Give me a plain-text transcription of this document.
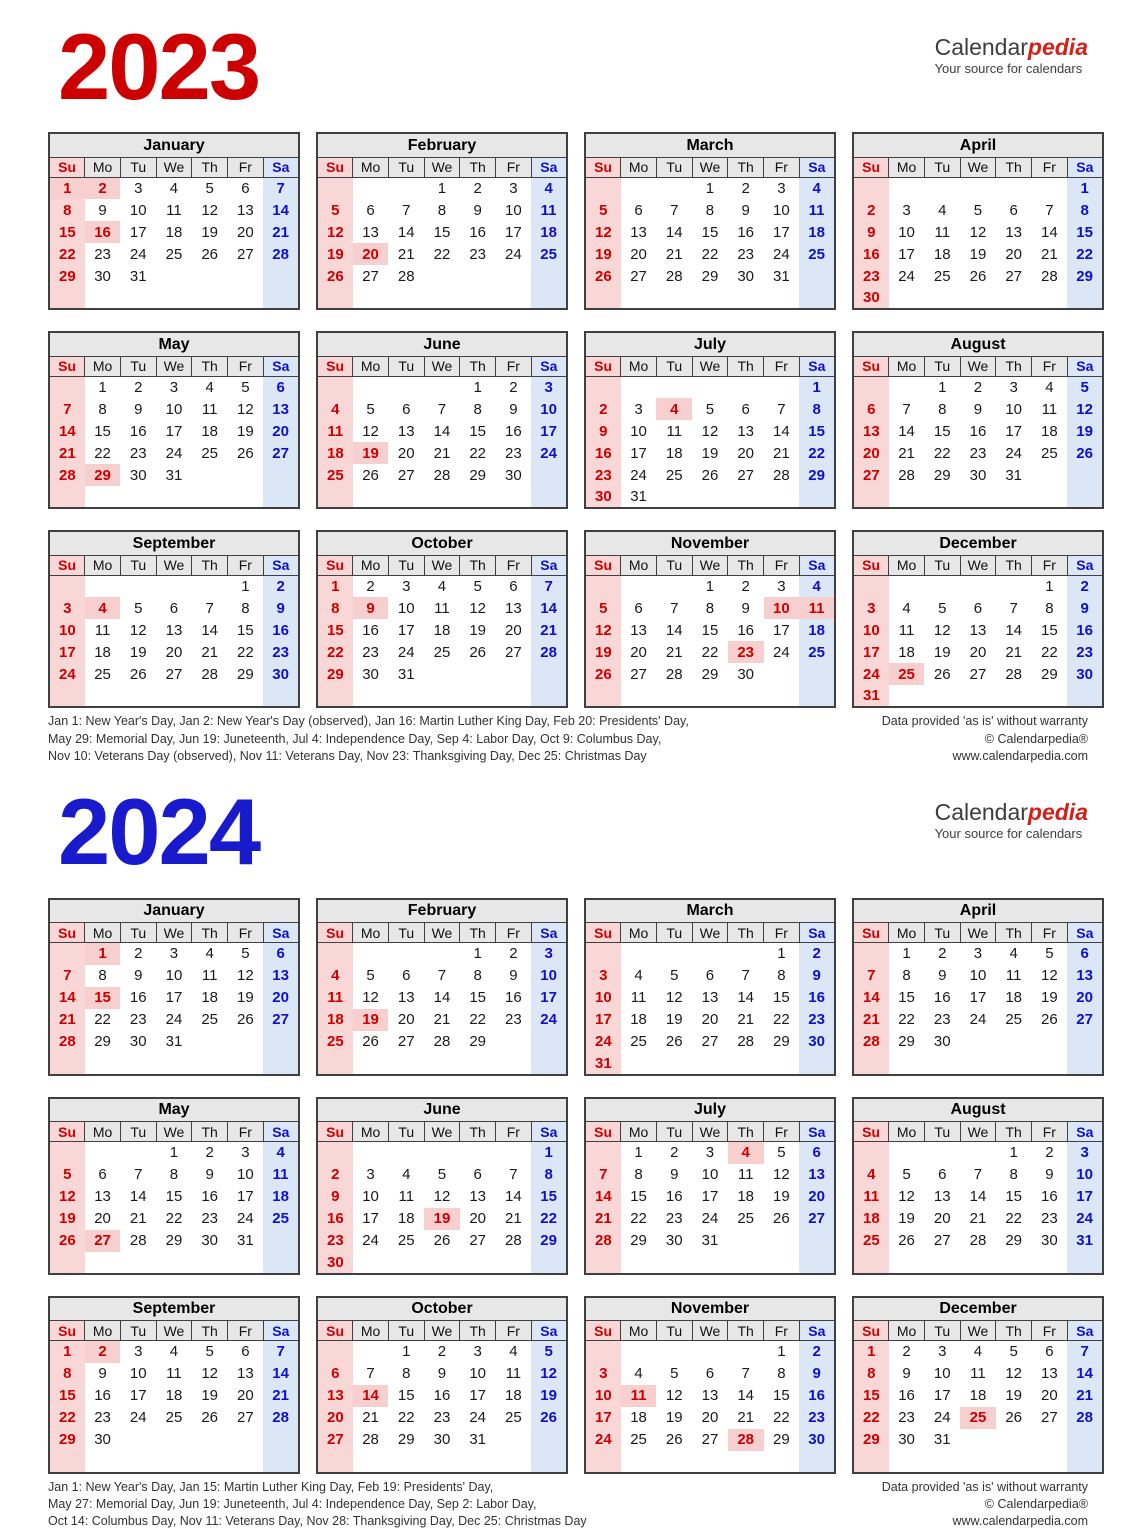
2023	Calendarpedia
Your source for calendars
January						
Su	Mo	Tu	We	Th	Fr	Sa
1	2	3	4	5	6	7
8	9	10	11	12	13	14
15	16	17	18	19	20	21
22	23	24	25	26	27	28
29	30	31				

February						
Su	Mo	Tu	We	Th	Fr	Sa
			1	2	3	4
5	6	7	8	9	10	11
12	13	14	15	16	17	18
19	20	21	22	23	24	25
26	27	28				

March						
Su	Mo	Tu	We	Th	Fr	Sa
			1	2	3	4
5	6	7	8	9	10	11
12	13	14	15	16	17	18
19	20	21	22	23	24	25
26	27	28	29	30	31	

April						
Su	Mo	Tu	We	Th	Fr	Sa
						1
2	3	4	5	6	7	8
9	10	11	12	13	14	15
16	17	18	19	20	21	22
23	24	25	26	27	28	29
30						
May						
Su	Mo	Tu	We	Th	Fr	Sa
	1	2	3	4	5	6
7	8	9	10	11	12	13
14	15	16	17	18	19	20
21	22	23	24	25	26	27
28	29	30	31			

June						
Su	Mo	Tu	We	Th	Fr	Sa
				1	2	3
4	5	6	7	8	9	10
11	12	13	14	15	16	17
18	19	20	21	22	23	24
25	26	27	28	29	30	

July						
Su	Mo	Tu	We	Th	Fr	Sa
						1
2	3	4	5	6	7	8
9	10	11	12	13	14	15
16	17	18	19	20	21	22
23	24	25	26	27	28	29
30	31					
August						
Su	Mo	Tu	We	Th	Fr	Sa
		1	2	3	4	5
6	7	8	9	10	11	12
13	14	15	16	17	18	19
20	21	22	23	24	25	26
27	28	29	30	31		

September						
Su	Mo	Tu	We	Th	Fr	Sa
					1	2
3	4	5	6	7	8	9
10	11	12	13	14	15	16
17	18	19	20	21	22	23
24	25	26	27	28	29	30

October						
Su	Mo	Tu	We	Th	Fr	Sa
1	2	3	4	5	6	7
8	9	10	11	12	13	14
15	16	17	18	19	20	21
22	23	24	25	26	27	28
29	30	31				

November						
Su	Mo	Tu	We	Th	Fr	Sa
			1	2	3	4
5	6	7	8	9	10	11
12	13	14	15	16	17	18
19	20	21	22	23	24	25
26	27	28	29	30		

December						
Su	Mo	Tu	We	Th	Fr	Sa
					1	2
3	4	5	6	7	8	9
10	11	12	13	14	15	16
17	18	19	20	21	22	23
24	25	26	27	28	29	30
31						
Jan 1: New Year's Day, Jan 2: New Year's Day (observed), Jan 16: Martin Luther King Day, Feb 20: Presidents' Day,
May 29: Memorial Day, Jun 19: Juneteenth, Jul 4: Independence Day, Sep 4: Labor Day, Oct 9: Columbus Day,
Nov 10: Veterans Day (observed), Nov 11: Veterans Day, Nov 23: Thanksgiving Day, Dec 25: Christmas Day
Data provided 'as is' without warranty
© Calendarpedia®
www.calendarpedia.com
2024	Calendarpedia
Your source for calendars
January						
Su	Mo	Tu	We	Th	Fr	Sa
	1	2	3	4	5	6
7	8	9	10	11	12	13
14	15	16	17	18	19	20
21	22	23	24	25	26	27
28	29	30	31			

February						
Su	Mo	Tu	We	Th	Fr	Sa
				1	2	3
4	5	6	7	8	9	10
11	12	13	14	15	16	17
18	19	20	21	22	23	24
25	26	27	28	29		

March						
Su	Mo	Tu	We	Th	Fr	Sa
					1	2
3	4	5	6	7	8	9
10	11	12	13	14	15	16
17	18	19	20	21	22	23
24	25	26	27	28	29	30
31						
April						
Su	Mo	Tu	We	Th	Fr	Sa
	1	2	3	4	5	6
7	8	9	10	11	12	13
14	15	16	17	18	19	20
21	22	23	24	25	26	27
28	29	30				

May						
Su	Mo	Tu	We	Th	Fr	Sa
			1	2	3	4
5	6	7	8	9	10	11
12	13	14	15	16	17	18
19	20	21	22	23	24	25
26	27	28	29	30	31	

June						
Su	Mo	Tu	We	Th	Fr	Sa
						1
2	3	4	5	6	7	8
9	10	11	12	13	14	15
16	17	18	19	20	21	22
23	24	25	26	27	28	29
30						
July						
Su	Mo	Tu	We	Th	Fr	Sa
	1	2	3	4	5	6
7	8	9	10	11	12	13
14	15	16	17	18	19	20
21	22	23	24	25	26	27
28	29	30	31			

August						
Su	Mo	Tu	We	Th	Fr	Sa
				1	2	3
4	5	6	7	8	9	10
11	12	13	14	15	16	17
18	19	20	21	22	23	24
25	26	27	28	29	30	31

September						
Su	Mo	Tu	We	Th	Fr	Sa
1	2	3	4	5	6	7
8	9	10	11	12	13	14
15	16	17	18	19	20	21
22	23	24	25	26	27	28
29	30					

October						
Su	Mo	Tu	We	Th	Fr	Sa
		1	2	3	4	5
6	7	8	9	10	11	12
13	14	15	16	17	18	19
20	21	22	23	24	25	26
27	28	29	30	31		

November						
Su	Mo	Tu	We	Th	Fr	Sa
					1	2
3	4	5	6	7	8	9
10	11	12	13	14	15	16
17	18	19	20	21	22	23
24	25	26	27	28	29	30

December						
Su	Mo	Tu	We	Th	Fr	Sa
1	2	3	4	5	6	7
8	9	10	11	12	13	14
15	16	17	18	19	20	21
22	23	24	25	26	27	28
29	30	31				

Jan 1: New Year's Day, Jan 15: Martin Luther King Day, Feb 19: Presidents' Day,
May 27: Memorial Day, Jun 19: Juneteenth, Jul 4: Independence Day, Sep 2: Labor Day,
Oct 14: Columbus Day, Nov 11: Veterans Day, Nov 28: Thanksgiving Day, Dec 25: Christmas Day
Data provided 'as is' without warranty
© Calendarpedia®
www.calendarpedia.com
